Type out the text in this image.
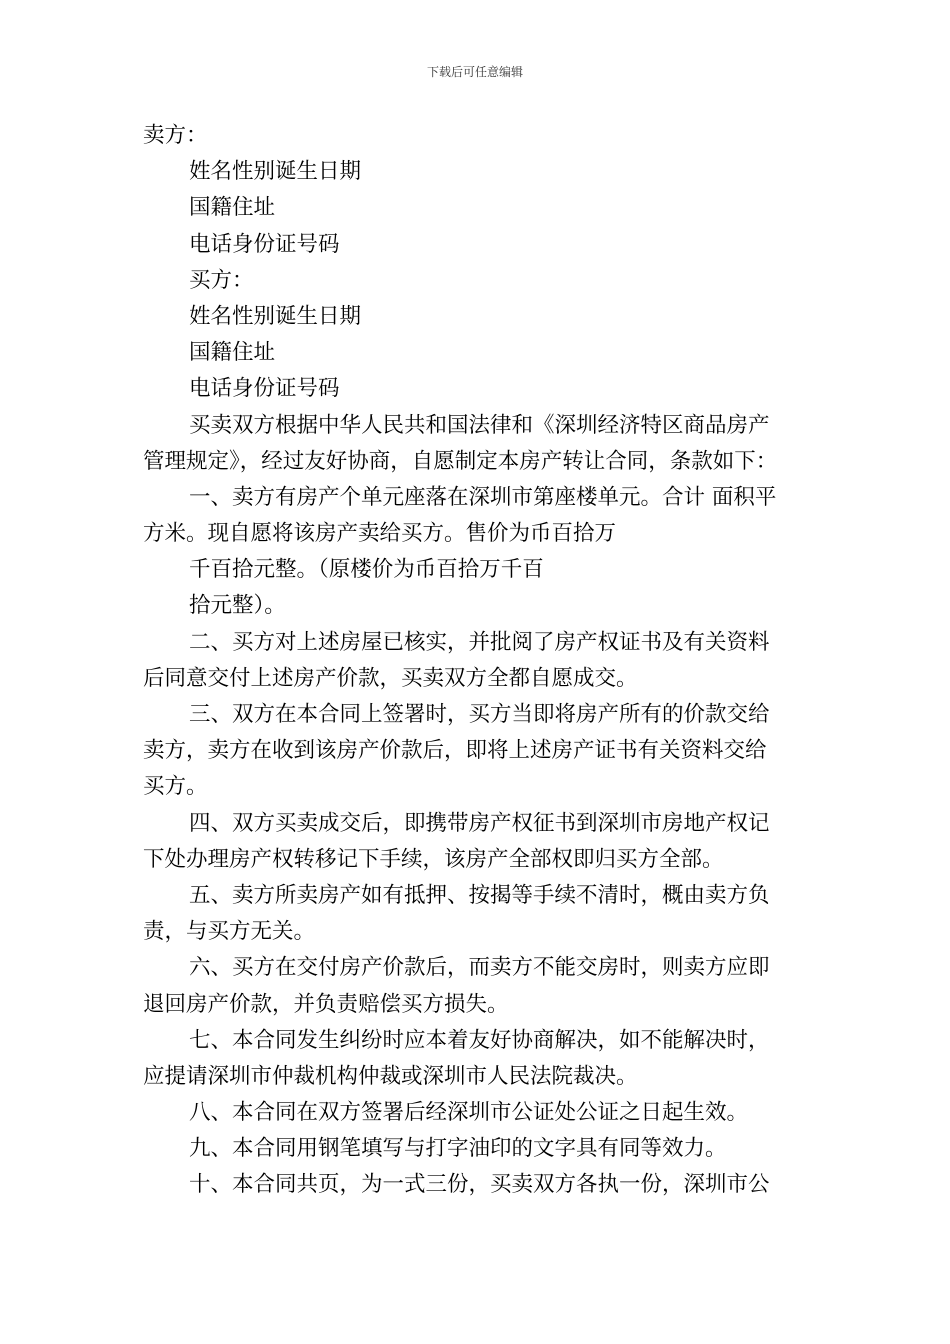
下载后可任意编辑
卖方：
姓名性别诞生日期
国籍住址
电话身份证号码
买方：
姓名性别诞生日期
国籍住址
电话身份证号码
买卖双方根据中华人民共和国法律和《深圳经济特区商品房产
管理规定》，经过友好协商，自愿制定本房产转让合同，条款如下：
一、卖方有房产个单元座落在深圳市第座楼单元。合计 面积平
方米。现自愿将该房产卖给买方。售价为币百拾万
千百拾元整。（原楼价为币百拾万千百
拾元整）。
二、买方对上述房屋已核实，并批阅了房产权证书及有关资料
后同意交付上述房产价款，买卖双方全都自愿成交。
三、双方在本合同上签署时，买方当即将房产所有的价款交给
卖方，卖方在收到该房产价款后，即将上述房产证书有关资料交给
买方。
四、双方买卖成交后，即携带房产权征书到深圳市房地产权记
下处办理房产权转移记下手续，该房产全部权即归买方全部。
五、卖方所卖房产如有抵押、按揭等手续不清时，概由卖方负
责，与买方无关。
六、买方在交付房产价款后，而卖方不能交房时，则卖方应即
退回房产价款，并负责赔偿买方损失。
七、本合同发生纠纷时应本着友好协商解决，如不能解决时，
应提请深圳市仲裁机构仲裁或深圳市人民法院裁决。
八、本合同在双方签署后经深圳市公证处公证之日起生效。
九、本合同用钢笔填写与打字油印的文字具有同等效力。
十、本合同共页，为一式三份，买卖双方各执一份，深圳市公
